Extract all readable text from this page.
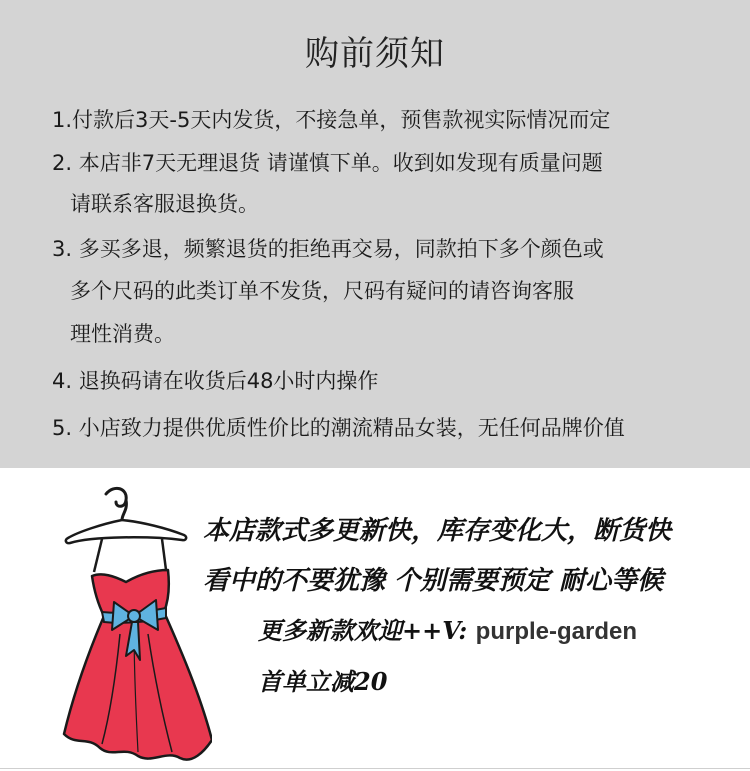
购前须知
1.付款后3天-5天内发货，不接急单，预售款视实际情况而定
2. 本店非7天无理退货 请谨慎下单。收到如发现有质量问题
请联系客服退换货。
3. 多买多退，频繁退货的拒绝再交易，同款拍下多个颜色或
多个尺码的此类订单不发货，尺码有疑问的请咨询客服
理性消费。
4. 退换码请在收货后48小时内操作
5. 小店致力提供优质性价比的潮流精品女装，无任何品牌价值
本店款式多更新快，库存变化大，断货快
看中的不要犹豫 个别需要预定 耐心等候
更多新款欢迎++V: purple-garden
首单立减20
